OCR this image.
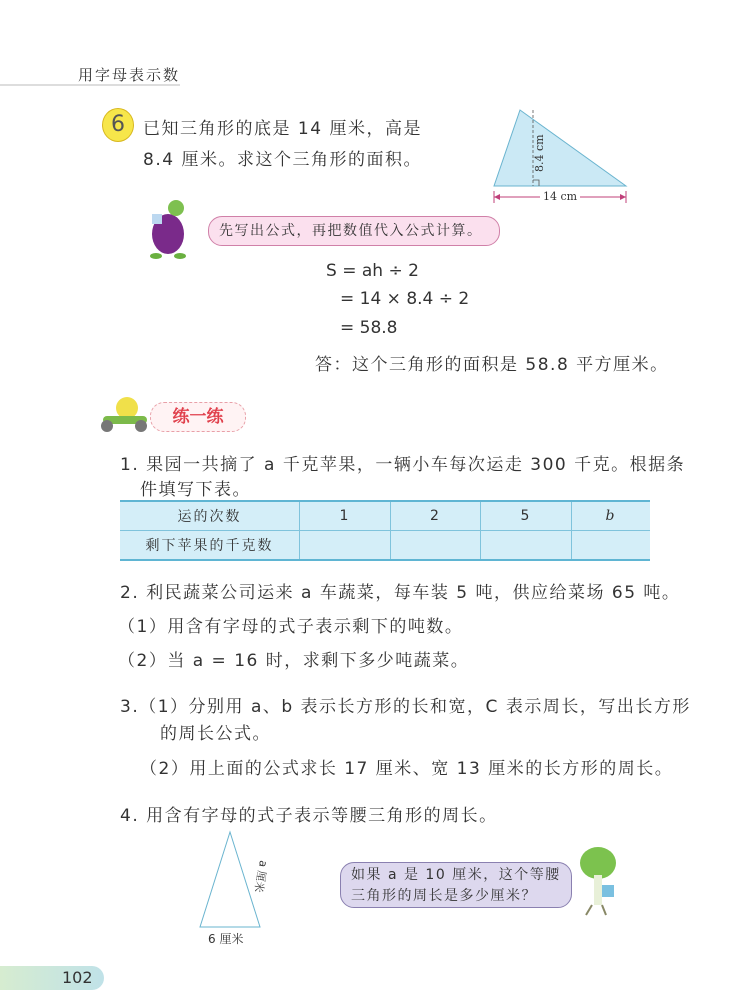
用字母表示数
6	已知三角形的底是 14 厘米，高是
8.4 厘米。求这个三角形的面积。	8.4 cm
14 cm
先写出公式，再把数值代入公式计算。
S = ah ÷ 2
= 14 × 8.4 ÷ 2
= 58.8
答：这个三角形的面积是 58.8 平方厘米。
练一练
1. 果园一共摘了 a 千克苹果，一辆小车每次运走 300 千克。根据条
件填写下表。
运的次数	1	2	5	b
剩下苹果的千克数				
2. 利民蔬菜公司运来 a 车蔬菜，每车装 5 吨，供应给菜场 65 吨。
（1）用含有字母的式子表示剩下的吨数。
（2）当 a = 16 时，求剩下多少吨蔬菜。
3.（1）分别用 a、b 表示长方形的长和宽，C 表示周长，写出长方形
的周长公式。
（2）用上面的公式求长 17 厘米、宽 13 厘米的长方形的周长。
4. 用含有字母的式子表示等腰三角形的周长。
a 厘米
6 厘米
如果 a 是 10 厘米，这个等腰
三角形的周长是多少厘米？
102
